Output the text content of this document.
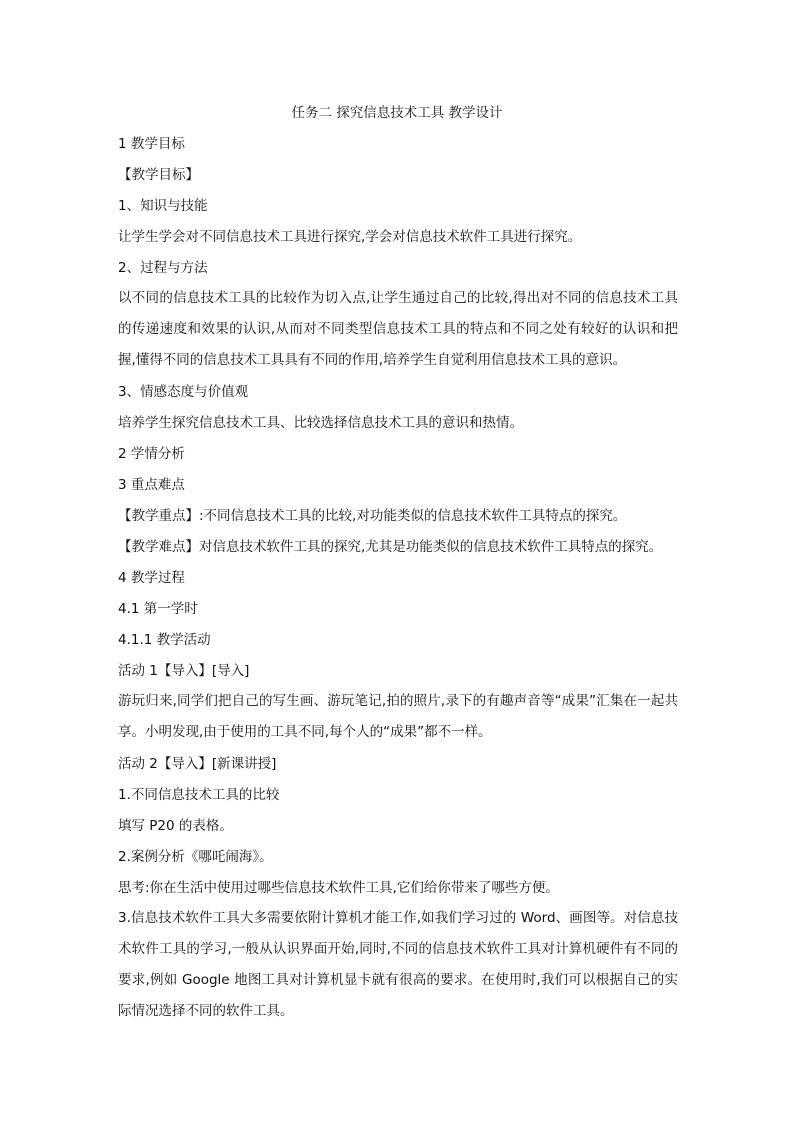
任务二 探究信息技术工具 教学设计
1 教学目标
【教学目标】
1、知识与技能
让学生学会对不同信息技术工具进行探究,学会对信息技术软件工具进行探究。
2、过程与方法
以不同的信息技术工具的比较作为切入点,让学生通过自己的比较,得出对不同的信息技术工具的传递速度和效果的认识,从而对不同类型信息技术工具的特点和不同之处有较好的认识和把握,懂得不同的信息技术工具具有不同的作用,培养学生自觉利用信息技术工具的意识。
3、情感态度与价值观
培养学生探究信息技术工具、比较选择信息技术工具的意识和热情。
2 学情分析
3 重点难点
【教学重点】:不同信息技术工具的比较,对功能类似的信息技术软件工具特点的探究。
【教学难点】对信息技术软件工具的探究,尤其是功能类似的信息技术软件工具特点的探究。
4 教学过程
4.1 第一学时
4.1.1 教学活动
活动 1【导入】[导入]
游玩归来,同学们把自己的写生画、游玩笔记,拍的照片,录下的有趣声音等“成果”汇集在一起共享。小明发现,由于使用的工具不同,每个人的“成果”都不一样。
活动 2【导入】[新课讲授]
1.不同信息技术工具的比较
填写 P20 的表格。
2.案例分析《哪吒闹海》。
思考:你在生活中使用过哪些信息技术软件工具,它们给你带来了哪些方便。
3.信息技术软件工具大多需要依附计算机才能工作,如我们学习过的 Word、画图等。对信息技术软件工具的学习,一般从认识界面开始,同时,不同的信息技术软件工具对计算机硬件有不同的要求,例如 Google 地图工具对计算机显卡就有很高的要求。在使用时,我们可以根据自己的实际情况选择不同的软件工具。
